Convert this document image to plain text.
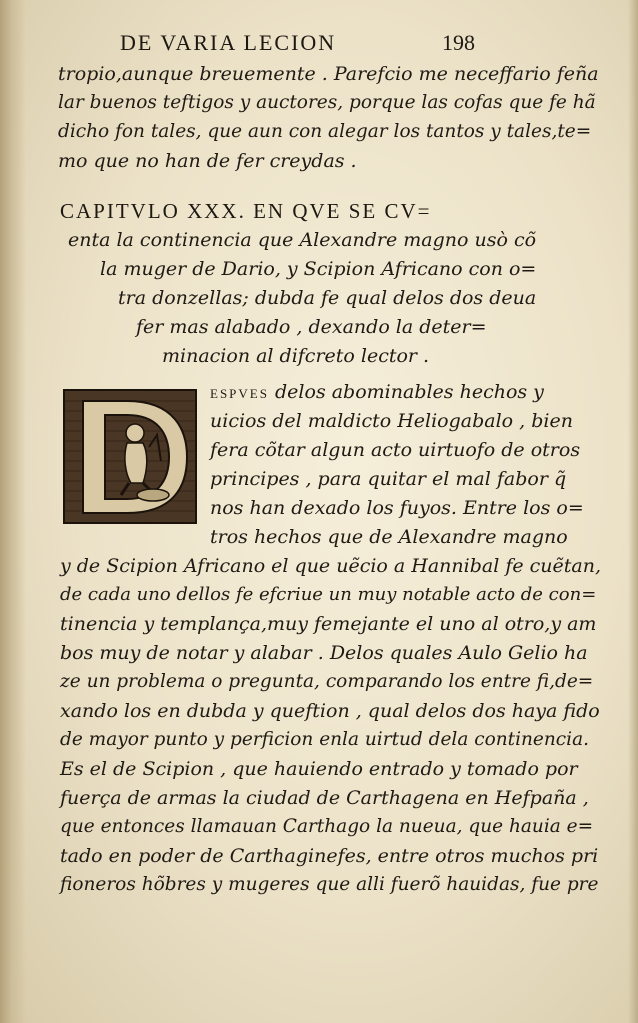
DE VARIA LECION	198
tropio,aunque breuemente . Parefcio me neceffario feña
lar buenos teftigos y auctores, porque las cofas que fe hã
dicho fon tales, que aun con alegar los tantos y tales,te=
mo que no han de fer creydas .
CAPITVLO XXX. EN QVE SE CV=
enta la continencia que Alexandre magno usò cõ
la muger de Dario, y Scipion Africano con o=
tra donzellas; dubda fe qual delos dos deua
fer mas alabado , dexando la deter=
minacion al difcreto lector .
ESPVES delos abominables hechos y
uicios del maldicto Heliogabalo , bien
fera cõtar algun acto uirtuofo de otros
principes , para quitar el mal fabor q̃
nos han dexado los fuyos. Entre los o=
tros hechos que de Alexandre magno
y de Scipion Africano el que uẽcio a Hannibal fe cuẽtan,
de cada uno dellos fe efcriue un muy notable acto de con=
tinencia y templança,muy femejante el uno al otro,y am
bos muy de notar y alabar . Delos quales Aulo Gelio ha
ze un problema o pregunta, comparando los entre fi,de=
xando los en dubda y queftion , qual delos dos haya fido
de mayor punto y perficion enla uirtud dela continencia.
Es el de Scipion , que hauiendo entrado y tomado por
fuerça de armas la ciudad de Carthagena en Hefpaña ,
que entonces llamauan Carthago la nueua, que hauia e=
tado en poder de Carthaginefes, entre otros muchos pri
fioneros hõbres y mugeres que alli fuerõ hauidas, fue pre
